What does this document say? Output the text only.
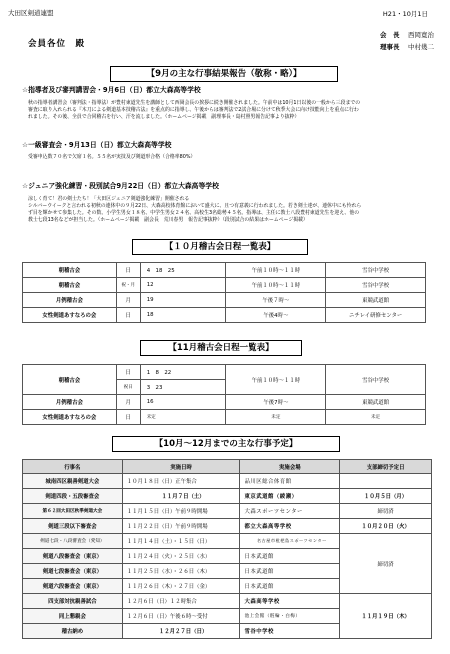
大田区剣道連盟	H21・10月1日
会員各位　殿
会　長 西岡寛治
理事長 中村幾二
【9月の主な行事結果報告（敬称・略）】
☆指導者及び審判講習会・9月6日（日）都立大森高等学校
秋の指導者講習会（審判法・指導法）が豊村東道先生を講師として西岡会長の挨拶に続き開催されました。午前中は10月1日以後の一般から三段までの
審査に取り入れられる『木刀による剣道基本技稽古法』を重点的に指導し、午後からは審判法で2試合場に分けて秋季大会に向け技能向上を重点に行わ
れました。その後、全員で合同稽古を行い、汗を流しました。（ホームページ掲載　副理事長・島村照男報告記事より抜粋）
☆一級審査会・9月13日（日）都立大森高等学校
受審申込数７０名で欠席１名。５５名が実技及び剣道形合格（合格率80%）
☆ジュニア強化練習・段別試合9月22日（日）都立大森高等学校
涼しく育て！君の剣士たち！「大田区ジュニア剣道強化練習」開催される
シルバーウイークと言われる初秋の連休中の９月22日、大森高校体育館において盛大に、且つ有意義に行われました。若き剣士達が、連休中にも怜れら
ず目を輝かせて参集した。その数、小学生男女１８名、中学生男女２４名、高校生3名総勢４５名。指導は、主任に教士八段豊村東道先生を迎え、他の
教士七段13名などが担当した。（ホームページ掲載　副会長　荒川春男　報告記事抜粋）（段別試合の結果はホームページ掲載）
【１０月稽古会日程一覧表】
朝稽古会	日	4　18　25	午前１０時〜１１時	雪谷中学校
朝稽古会	祝・月	12	午前１０時〜１１時	雪谷中学校
月例稽古会	月	19	午後７時〜	東競武道館
女性剣道あすなろの会	日	18	午後4時〜	ニチレイ研修センター
【11月稽古会日程一覧表】
朝稽古会	日	1　8　22	午前１０時〜１１時	雪谷中学校
	祝日	3　23		
月例稽古会	月	16	午後7時〜	東競武道館
女性剣道あすなろの会	日	未定	未定	未定
【10月〜12月までの主な行事予定】
行事名	実施日時	実施会場	支部締切予定日
城南四区親善剣道大会	１０月１８日（日）正午集合	品川区総合体育館	
剣道四段・五段審査会	１１月７日（土）	東京武道館（綾瀬）	１０月５日（月）
第６２回大田区秋季剣道大会	１１月１５日（日）午前９時開場	大森スポーツセンター	締切済
剣道三段以下審査会	１１月２２日（日）午前９時開場	都立大森高等学校	１０月２０日（火）
剣道七段・八段審査会（愛知）	１１月１４日（土）・１５日（日）	名古屋市枇杷島スポーツセンター	締切済
剣道八段審査会（東京）	１１月２４日（火）・２５日（水）	日本武道館	
剣道七段審査会（東京）	１１月２５日（水）・２６日（木）	日本武道館	
剣道六段審査会（東京）	１１月２６日（木）・２７日（金）	日本武道館	
四支部対抗親善試合	１２月６日（日）１２時集合	大森高等学校	１１月１９日（木）
同上懇親会	１２月６日（日）午後６時〜受付	池上会館（粧輪・白梅）	
稽古納め	１２月２７日（日）	雪谷中学校	
